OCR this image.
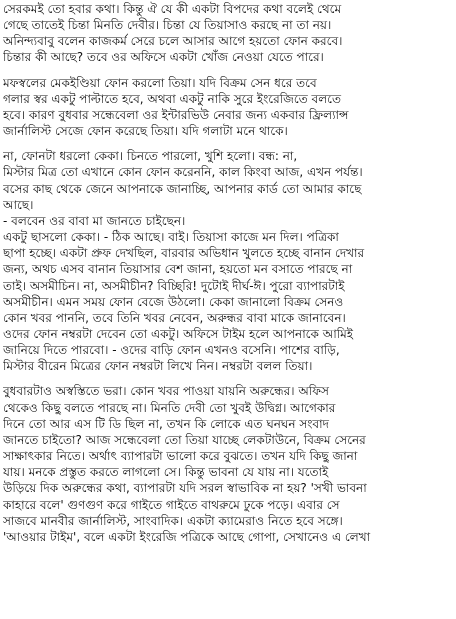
সেরকমই তো হবার কথা। কিন্তু ঐ যে কী একটা বিপদের কথা বলেই থেমে
গেছে তাতেই চিন্তা মিনতি দেবীর। চিন্তা যে তিয়াসাও করছে না তা নয়।
অনিন্দ্যবাবু বলেন কাজকর্ম সেরে চলে আসার আগে হয়তো ফোন করবে।
চিন্তার কী আছে? তবে ওর অফিসে একটা খোঁজ নেওয়া যেতে পারে।

মফস্বলের মেকইণ্ডিয়া ফোন করলো তিয়া। যদি বিক্রম সেন ধরে তবে
গলার স্বর একটু পাল্টাতে হবে, অথবা একটু নাকি সুরে ইংরেজিতে বলতে
হবে। কারণ বুধবার সন্ধেবেলা ওর ইন্টারভিউ নেবার জন্য একবার ফ্রিল্যান্স
জার্নালিস্ট সেজে ফোন করেছে তিয়া। যদি গলাটা মনে থাকে।

না, ফোনটা ধরলো কেকা। চিনতে পারলো, খুশি হলো। বন্ধ: না,
মিস্টার মিত্র তো এখানে কোন ফোন করেননি, কাল কিংবা আজ, এখন পর্যন্ত।
বসের কাছ থেকে জেনে আপনাকে জানাচ্ছি, আপনার কার্ড তো আমার কাছে
আছে।
- বলবেন ওর বাবা মা জানতে চাইছেন।
একটু ছাসলো কেকা। - ঠিক আছে। বাই। তিয়াসা কাজে মন দিল। পত্রিকা
ছাপা হচ্ছে। একটা প্রুফ দেখছিল, বারবার অভিধান খুলতে হচ্ছে বানান দেখার
জন্য, অথচ এসব বানান তিয়াসার বেশ জানা, হয়তো মন বসাতে পারছে না
তাই। অসমীচিন। না, অসমীচীন? বিচ্ছিরি! দুটোই দীর্ঘ-ঈ। পুরো ব্যাপারটাই
অসমীচীন। এমন সময় ফোন বেজে উঠলো। কেকা জানালো বিক্রম সেনও
কোন খবর পাননি, তবে তিনি খবর নেবেন, অরুন্ধর বাবা মাকে জানাবেন।
ওদের ফোন নম্বরটা দেবেন তো একটু। অফিসে টাইম হলে আপনাকে আমিই
জানিয়ে দিতে পারবো। - ওদের বাড়ি ফোন এখনও বসেনি। পাশের বাড়ি,
মিস্টার বীরেন মিত্রের ফোন নম্বরটা লিখে নিন। নম্বরটা বলল তিয়া।

বুধবারটাও অস্বস্তিতে ভরা। কোন খবর পাওয়া যায়নি অরুন্ধের। অফিস
থেকেও কিছু বলতে পারছে না। মিনতি দেবী তো খুবই উদ্বিগ্ন। আগেকার
দিনে তো আর এস টি ডি ছিল না, তখন কি লোকে এত ঘনঘন সংবাদ
জানতে চাইতো? আজ সন্ধেবেলা তো তিয়া যাচ্ছে লেকটাউনে, বিক্রম সেনের
সাক্ষাৎকার নিতে। অর্থাৎ ব্যাপারটা ভালো করে বুঝতে। তখন যদি কিছু জানা
যায়। মনকে প্রস্তুত করতে লাগলো সে। কিন্তু ভাবনা যে যায় না। যতোই
উড়িয়ে দিক অরুন্ধের কথা, ব্যাপারটা যদি সরল স্বাভাবিক না হয়? 'সখী ভাবনা
কাহারে বলে' গুণগুণ করে গাইতে গাইতে বাথরুমে ঢুকে পড়ে। এবার সে
সাজবে মানবীর জার্নালিস্ট, সাংবাদিক। একটা ক্যামেরাও নিতে হবে সঙ্গে।
'আওয়ার টাইম', বলে একটা ইংরেজি পত্রিকে আছে গোপা, সেখানেও এ লেখা
